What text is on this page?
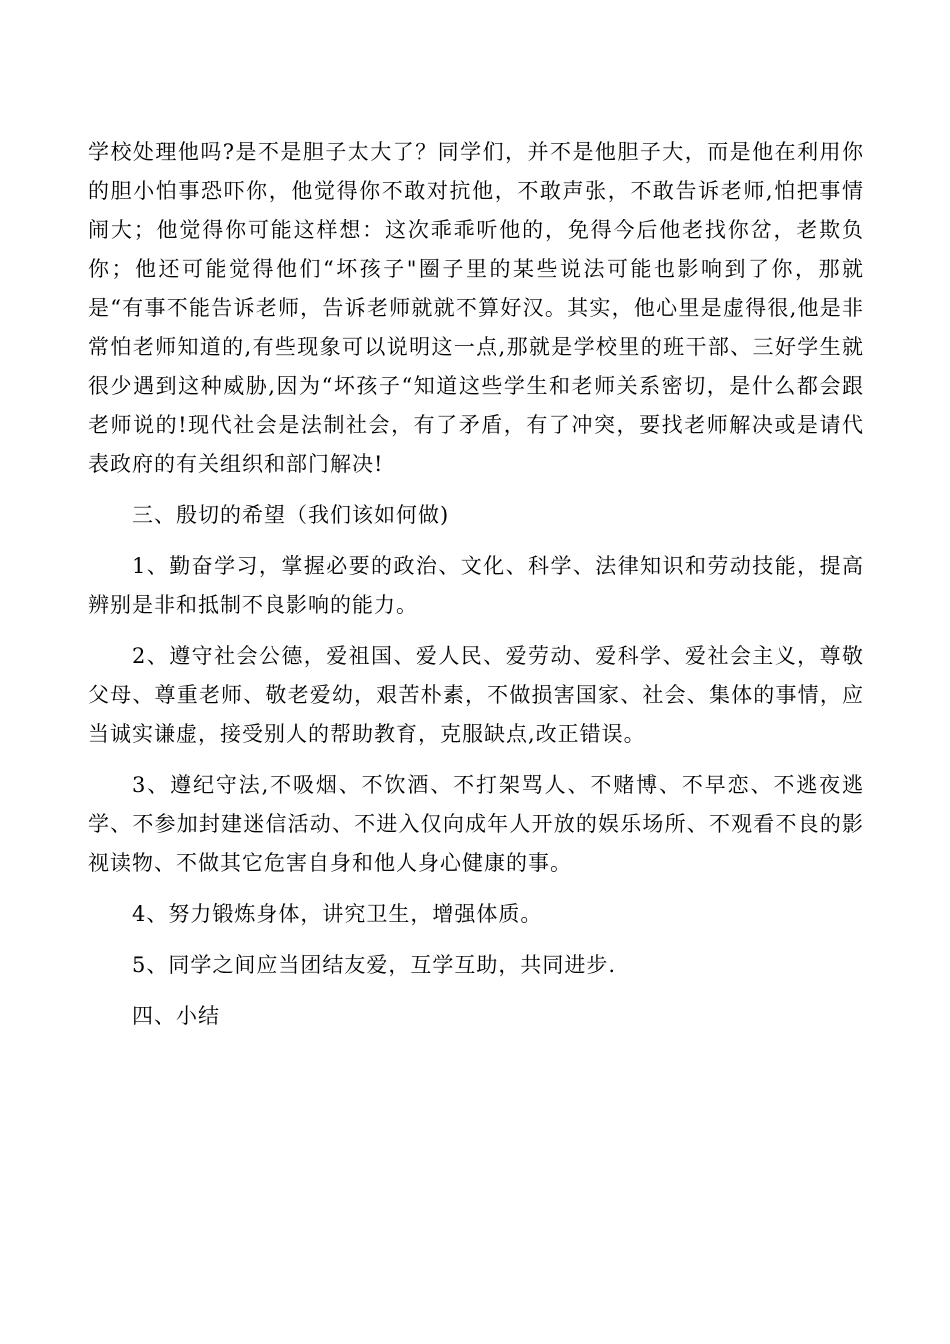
学校处理他吗?是不是胆子太大了？同学们，并不是他胆子大，而是他在利用你的胆小怕事恐吓你，他觉得你不敢对抗他，不敢声张，不敢告诉老师,怕把事情闹大；他觉得你可能这样想：这次乖乖听他的，免得今后他老找你岔，老欺负你；他还可能觉得他们“坏孩子"圈子里的某些说法可能也影响到了你，那就是“有事不能告诉老师，告诉老师就就不算好汉。其实，他心里是虚得很,他是非常怕老师知道的,有些现象可以说明这一点,那就是学校里的班干部、三好学生就很少遇到这种威胁,因为“坏孩子“知道这些学生和老师关系密切，是什么都会跟老师说的!现代社会是法制社会，有了矛盾，有了冲突，要找老师解决或是请代表政府的有关组织和部门解决!

三、殷切的希望（我们该如何做)

1、勤奋学习，掌握必要的政治、文化、科学、法律知识和劳动技能，提高辨别是非和抵制不良影响的能力。

2、遵守社会公德，爱祖国、爱人民、爱劳动、爱科学、爱社会主义，尊敬父母、尊重老师、敬老爱幼，艰苦朴素，不做损害国家、社会、集体的事情，应当诚实谦虚，接受别人的帮助教育，克服缺点,改正错误。

3、遵纪守法,不吸烟、不饮酒、不打架骂人、不赌博、不早恋、不逃夜逃学、不参加封建迷信活动、不进入仅向成年人开放的娱乐场所、不观看不良的影视读物、不做其它危害自身和他人身心健康的事。

4、努力锻炼身体，讲究卫生，增强体质。

5、同学之间应当团结友爱，互学互助，共同进步.

四、小结
